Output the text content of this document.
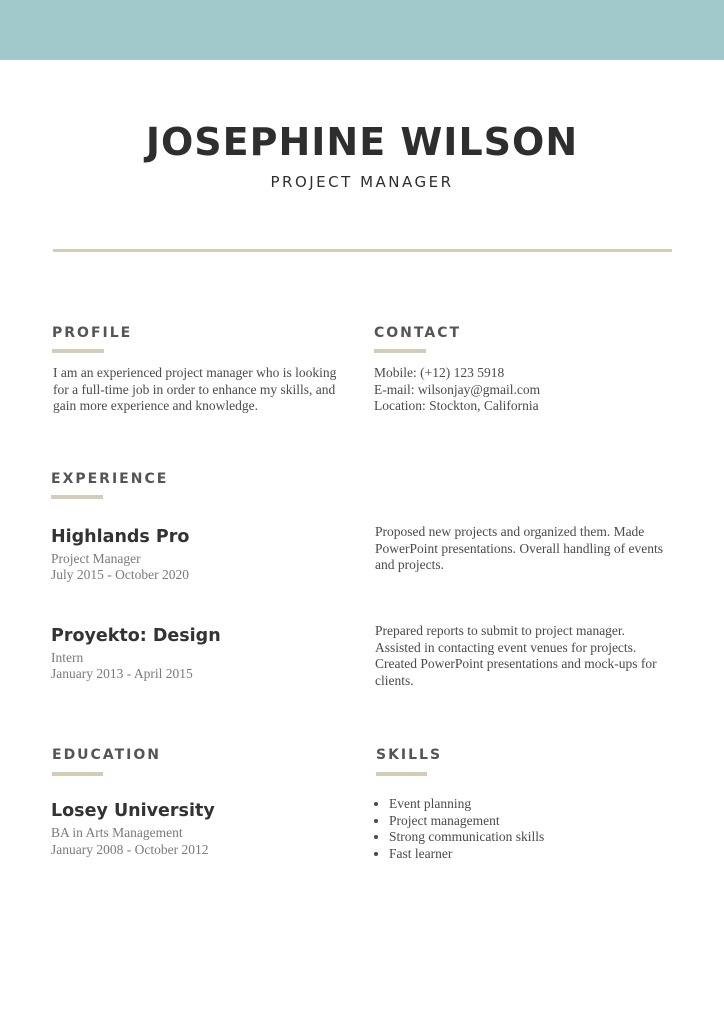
JOSEPHINE WILSON
PROJECT MANAGER
PROFILE

I am an experienced project manager who is looking for a full-time job in order to enhance my skills, and gain more experience and knowledge.

CONTACT
Mobile: (+12) 123 5918
E-mail: wilsonjay@gmail.com
Location: Stockton, California
EXPERIENCE
Highlands Pro
Project Manager
July 2015 - October 2020

Proposed new projects and organized them. Made PowerPoint presentations. Overall handling of events and projects.

Proyekto: Design
Intern
January 2013 - April 2015

Prepared reports to submit to project manager. Assisted in contacting event venues for projects. Created PowerPoint presentations and mock-ups for clients.

EDUCATION
Losey University
BA in Arts Management
January 2008 - October 2012
SKILLS
• Event planning
• Project management
• Strong communication skills
• Fast learner
